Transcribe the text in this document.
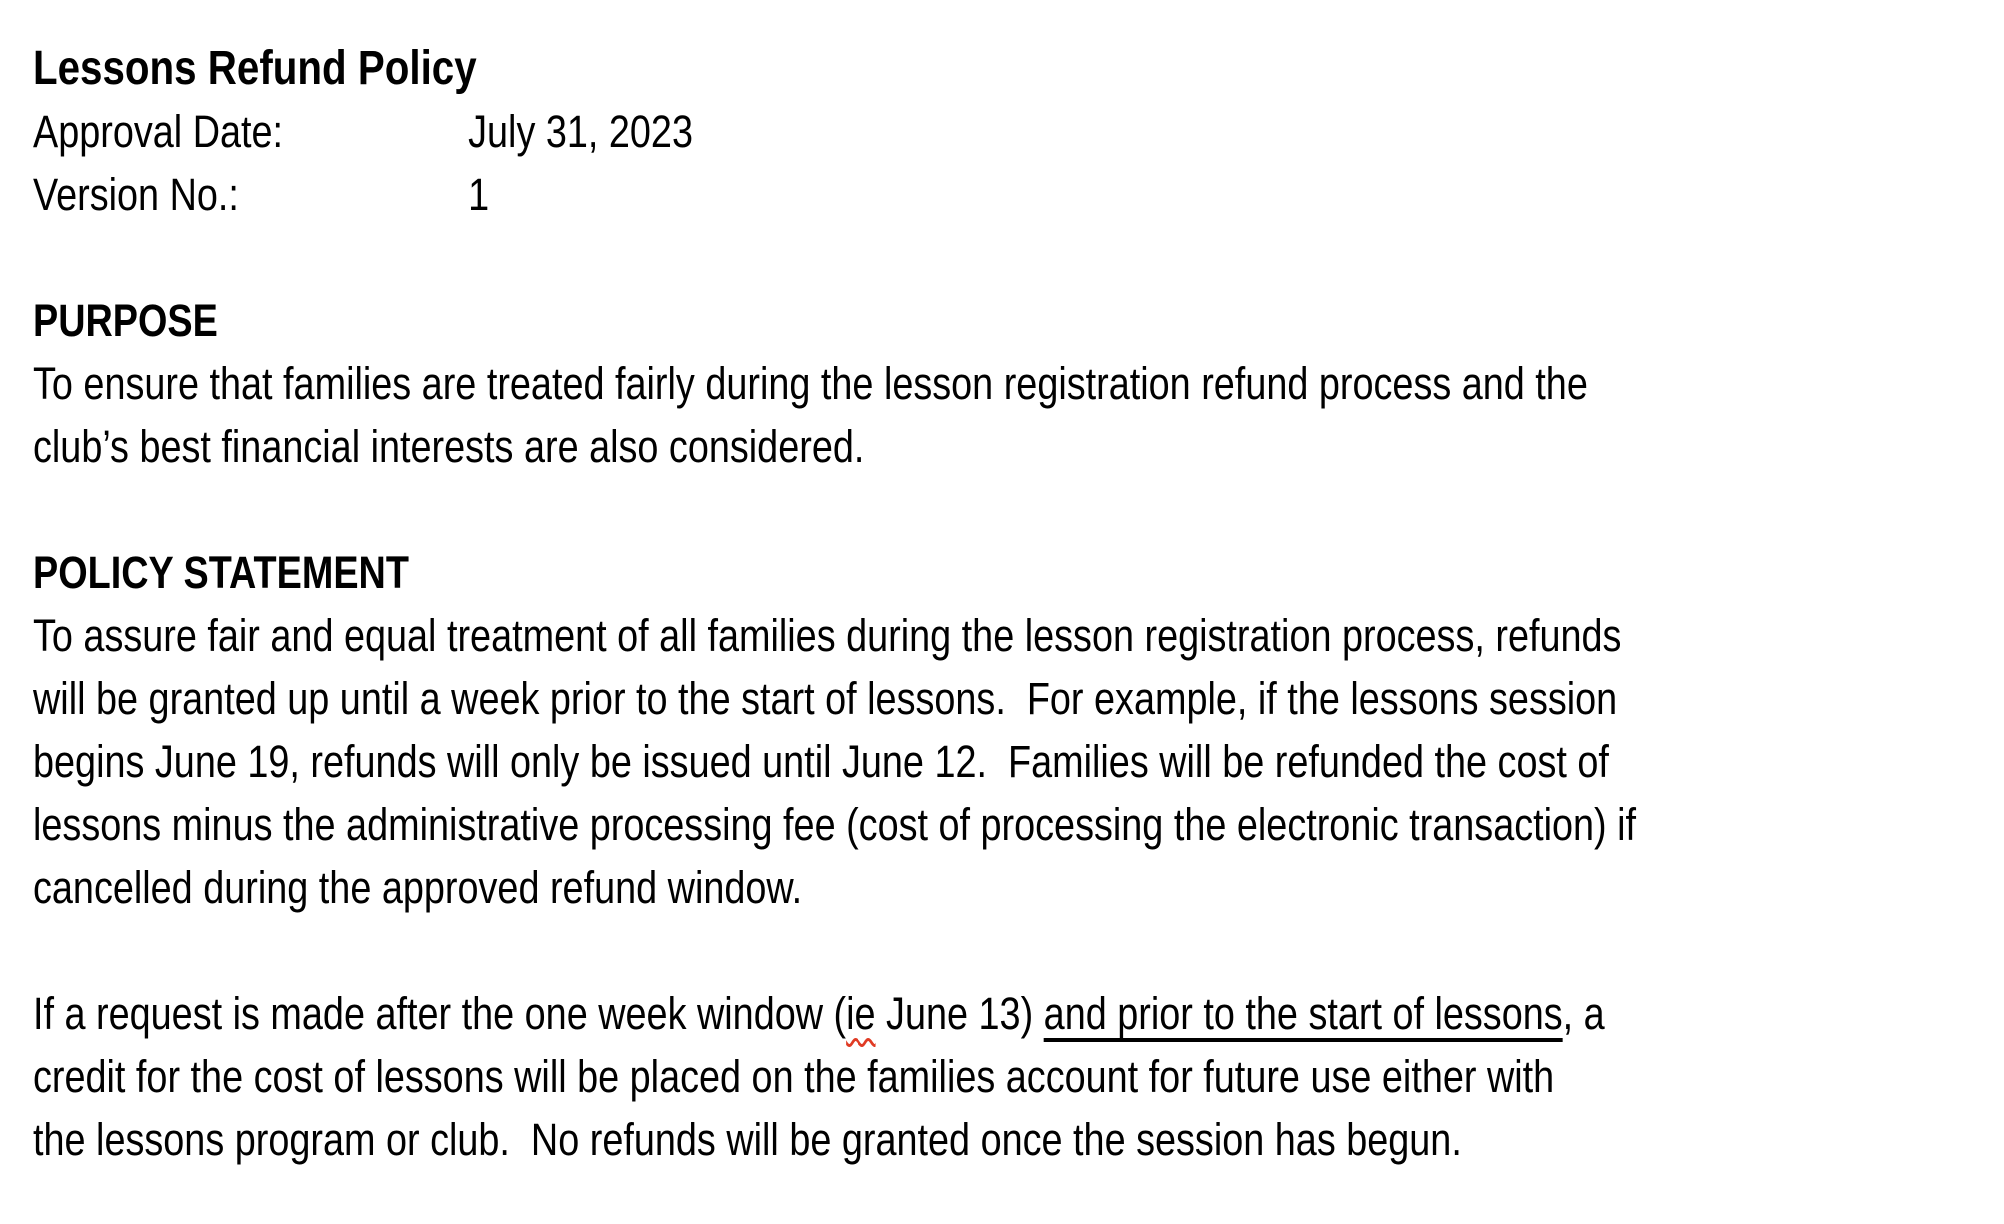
Lessons Refund Policy
Approval Date:	July 31, 2023
Version No.:	1

PURPOSE
To ensure that families are treated fairly during the lesson registration refund process and the
club’s best financial interests are also considered.

POLICY STATEMENT
To assure fair and equal treatment of all families during the lesson registration process, refunds
will be granted up until a week prior to the start of lessons.  For example, if the lessons session
begins June 19, refunds will only be issued until June 12.  Families will be refunded the cost of
lessons minus the administrative processing fee (cost of processing the electronic transaction) if
cancelled during the approved refund window.

If a request is made after the one week window (ie June 13) and prior to the start of lessons, a
credit for the cost of lessons will be placed on the families account for future use either with
the lessons program or club.  No refunds will be granted once the session has begun.
